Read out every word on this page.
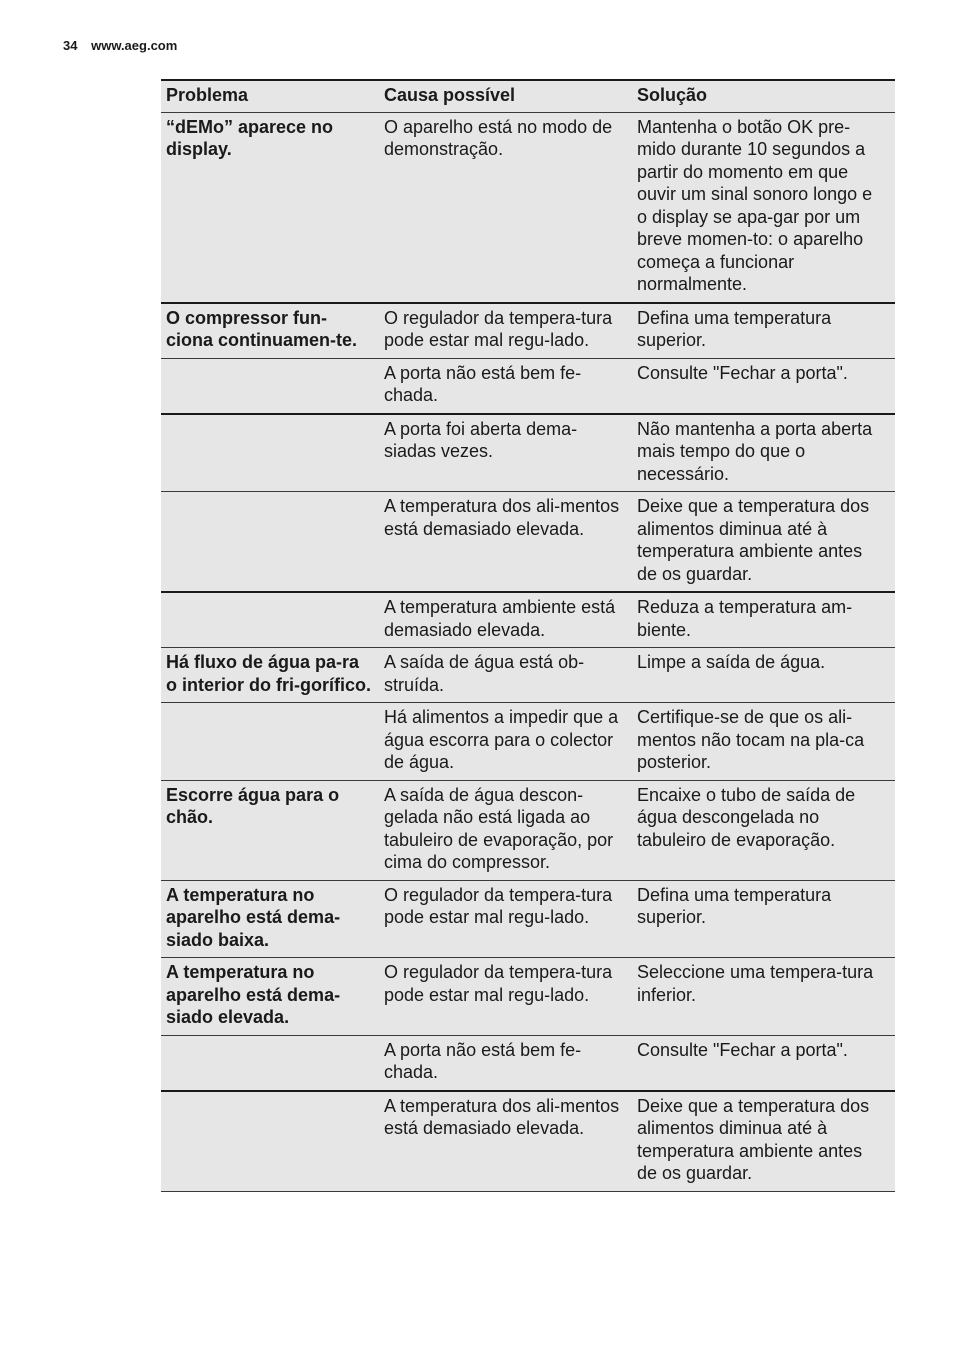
34 www.aeg.com
Problema	Causa possível	Solução
“dEMo” aparece no display.	O aparelho está no modo de demonstração.	Mantenha o botão OK pre-mido durante 10 segundos a partir do momento em que ouvir um sinal sonoro longo e o display se apa-gar por um breve momen-to: o aparelho começa a funcionar normalmente.
O compressor fun-ciona continuamen-te.	O regulador da tempera-tura pode estar mal regu-lado.	Defina uma temperatura superior.
	A porta não está bem fe-chada.	Consulte "Fechar a porta".
	A porta foi aberta dema-siadas vezes.	Não mantenha a porta aberta mais tempo do que o necessário.
	A temperatura dos ali-mentos está demasiado elevada.	Deixe que a temperatura dos alimentos diminua até à temperatura ambiente antes de os guardar.
	A temperatura ambiente está demasiado elevada.	Reduza a temperatura am-biente.
Há fluxo de água pa-ra o interior do fri-gorífico.	A saída de água está ob-struída.	Limpe a saída de água.
	Há alimentos a impedir que a água escorra para o colector de água.	Certifique-se de que os ali-mentos não tocam na pla-ca posterior.
Escorre água para o chão.	A saída de água descon-gelada não está ligada ao tabuleiro de evaporação, por cima do compressor.	Encaixe o tubo de saída de água descongelada no tabuleiro de evaporação.
A temperatura no aparelho está dema-siado baixa.	O regulador da tempera-tura pode estar mal regu-lado.	Defina uma temperatura superior.
A temperatura no aparelho está dema-siado elevada.	O regulador da tempera-tura pode estar mal regu-lado.	Seleccione uma tempera-tura inferior.
	A porta não está bem fe-chada.	Consulte "Fechar a porta".
	A temperatura dos ali-mentos está demasiado elevada.	Deixe que a temperatura dos alimentos diminua até à temperatura ambiente antes de os guardar.
